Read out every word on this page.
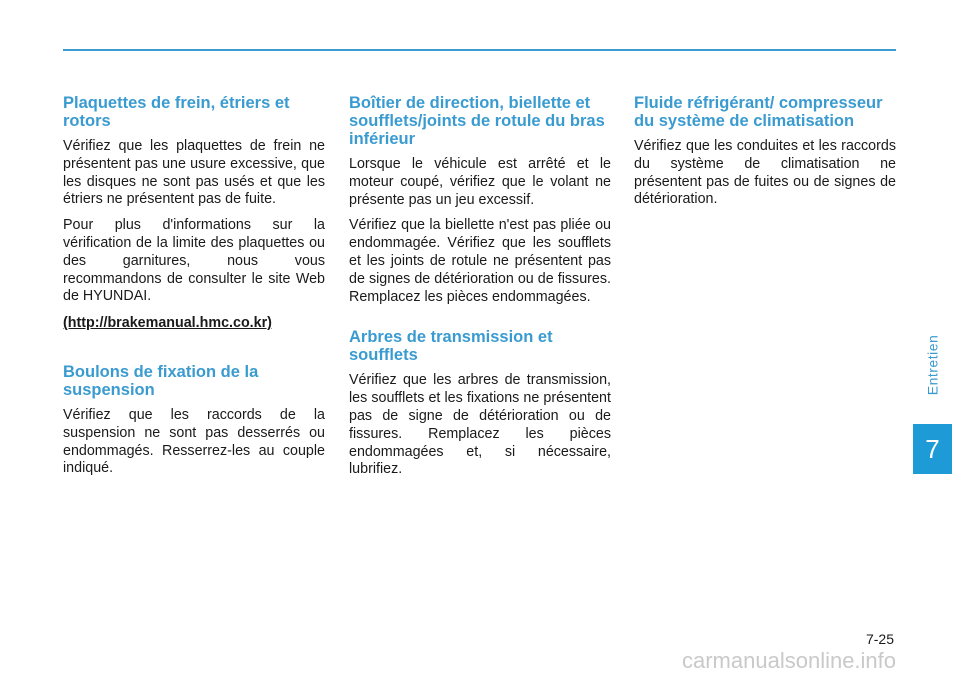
Plaquettes de frein, étriers et rotors

Vérifiez que les plaquettes de frein ne présentent pas une usure excessive, que les disques ne sont pas usés et que les étriers ne présentent pas de fuite.

Pour plus d'informations sur la vérification de la limite des plaquettes ou des garnitures, nous vous recommandons de consulter le site Web de HYUNDAI.

(http://brakemanual.hmc.co.kr)
Boulons de fixation de la suspension

Vérifiez que les raccords de la suspension ne sont pas desserrés ou endommagés. Resserrez-les au couple indiqué.

Boîtier de direction, biellette et soufflets/joints de rotule du bras inférieur

Lorsque le véhicule est arrêté et le moteur coupé, vérifiez que le volant ne présente pas un jeu excessif.

Vérifiez que la biellette n'est pas pliée ou endommagée. Vérifiez que les soufflets et les joints de rotule ne présentent pas de signes de détérioration ou de fissures. Remplacez les pièces endommagées.

Arbres de transmission et soufflets

Vérifiez que les arbres de transmission, les soufflets et les fixations ne présentent pas de signe de détérioration ou de fissures. Remplacez les pièces endommagées et, si nécessaire, lubrifiez.

Fluide réfrigérant/ compresseur du système de climatisation

Vérifiez que les conduites et les raccords du système de climatisation ne présentent pas de fuites ou de signes de détérioration.

Entretien
7
7-25
carmanualsonline.info
